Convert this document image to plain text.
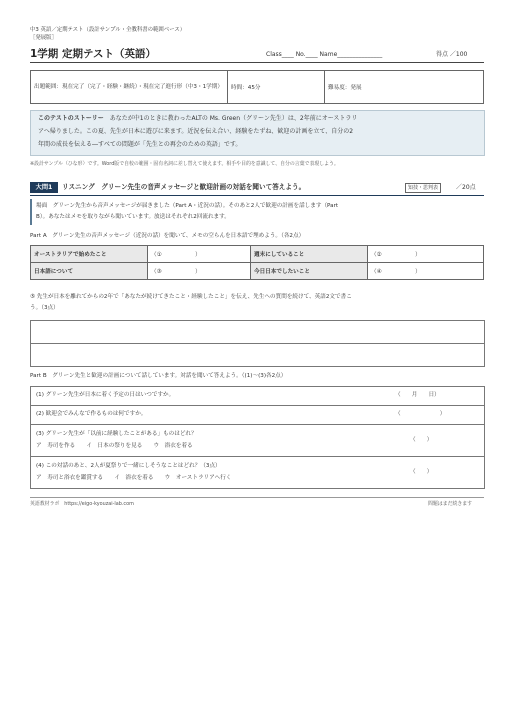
中3 英語／定期テスト（設計サンプル・全教科書の範囲ベース）
［発展版］
1学期 定期テスト（英語）	Class____ No.____ Name_______________	得点 ／100
出題範囲：現在完了（完了・経験・継続）・現在完了進行形（中3・1学期）	時間：45分	難易度：発展
このテストのストーリー　 あなたが中1のときに教わったALTの Ms. Green（グリーン先生）は、2年前にオーストラリ
アへ帰りました。この夏、先生が日本に遊びに来ます。近況を伝え合い、経験をたずね、歓迎の計画を立て、自分の2
年間の成長を伝える―すべての問題が「先生との再会のための英語」です。
※設計サンプル（ひな形）です。Word版で自校の範囲・固有名詞に差し替えて使えます。相手や目的を意識して、自分の言葉で表現しよう。
大問1	リスニング　グリーン先生の音声メッセージと歓迎計画の対話を聞いて答えよう。	知技・思判表	／20点
場面　グリーン先生から音声メッセージが届きました（Part A・近況の話）。そのあと2人で歓迎の計画を話します（Part
B）。あなたはメモを取りながら聞いています。放送はそれぞれ2回流れます。
Part A　グリーン先生の音声メッセージ（近況の話）を聞いて、メモの空らんを日本語で埋めよう。（各2点）
オーストラリアで始めたこと	（①　　　　　　）	週末にしていること	（②　　　　　　）
日本語について	（③　　　　　　）	今日日本でしたいこと	（④　　　　　　）
⑤ 先生が日本を離れてからの2年で「あなたが続けてきたこと・経験したこと」を伝え、先生への質問を続けて、英語2文で書こ
う。（3点）
Part B　グリーン先生と歓迎の計画について話しています。対話を聞いて答えよう。（(1)〜(3)各2点）
(1) グリーン先生が日本に着く予定の日はいつですか。	（　　月　　日）
(2) 歓迎会でみんなで作るものは何ですか。	（　　　　　　　）
(3) グリーン先生が「以前に経験したことがある」ものはどれ？
ア　寿司を作る　　イ　日本の祭りを見る　　ウ　浴衣を着る
（　　）
(4) この対話のあと、2人が夏祭りで一緒にしそうなことはどれ？（3点）
ア　寿司と浴衣を鑑賞する　　イ　浴衣を着る　　ウ　オーストラリアへ行く
（　　）
英語教材ラボ　https://eigo-kyouzai-lab.com	問題はまだ続きます
